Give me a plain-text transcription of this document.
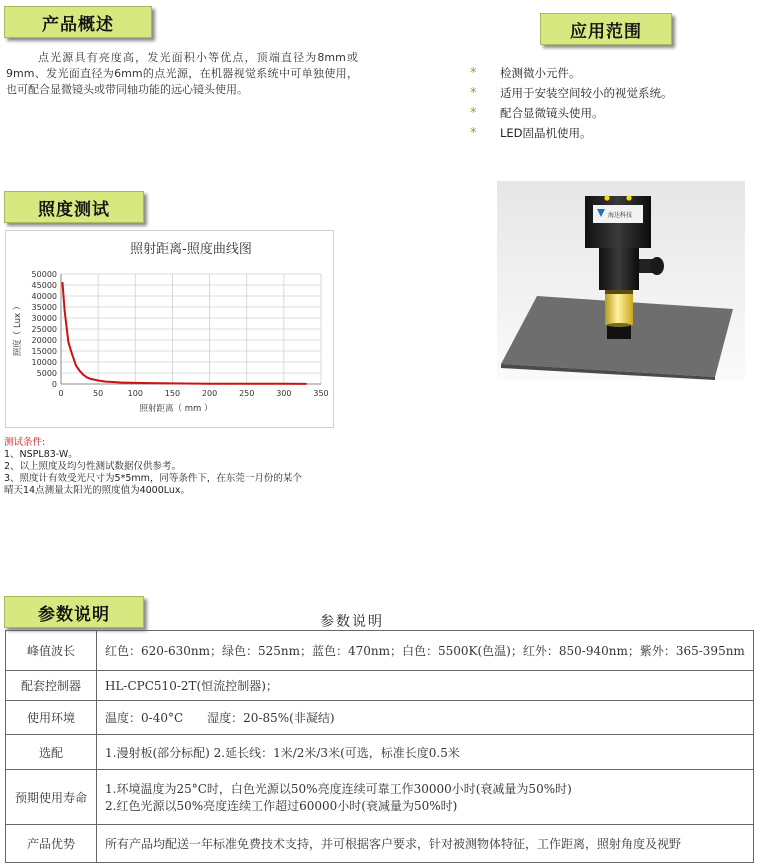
产品概述	应用范围
照度测试
参数说明
点光源具有亮度高，发光面积小等优点，顶端直径为8mm或9mm、发光面直径为6mm的点光源，在机器视觉系统中可单独使用，也可配合显微镜头或带同轴功能的远心镜头使用。
*	检测微小元件。
*	适用于安装空间较小的视觉系统。
*	配合显微镜头使用。
*	LED固晶机使用。
照射距离-照度曲线图
0
5000
10000
15000
20000
25000
30000
35000
40000
45000
50000
0	50	100	150	200	250	300	350
照射距离（ mm ）
照度（ Lux ）
测试条件:
1、NSPL83-W。
2、以上照度及均匀性测试数据仅供参考。
3、照度计有效受光尺寸为5*5mm，同等条件下，在东莞一月份的某个
晴天14点测量太阳光的照度值为4000Lux。
海达科技
参数说明
峰值波长	红色：620-630nm；绿色：525nm；蓝色：470nm；白色：5500K(色温)；红外：850-940nm；紫外：365-395nm

配套控制器	HL-CPC510-2T(恒流控制器)；

使用环境	温度：0-40°C　　湿度：20-85%(非凝结)

选配	1.漫射板(部分标配) 2.延长线：1米/2米/3米(可选，标准长度0.5米

预期使用寿命	1.环境温度为25°C时，白色光源以50%亮度连续可靠工作30000小时(衰减量为50%时)
2.红色光源以50%亮度连续工作超过60000小时(衰减量为50%时)

产品优势	所有产品均配送一年标准免费技术支持，并可根据客户要求，针对被测物体特征，工作距离，照射角度及视野
